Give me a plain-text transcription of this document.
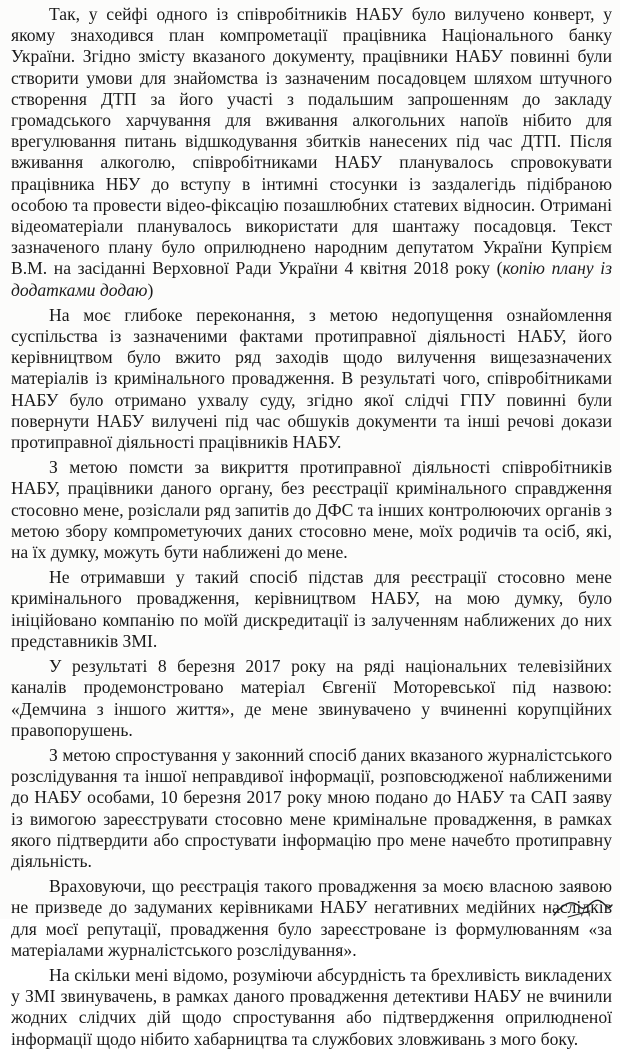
Так, у сейфі одного із співробітників НАБУ було вилучено конверт, у якому знаходився план компрометації працівника Національного банку України. Згідно змісту вказаного документу, працівники НАБУ повинні були створити умови для знайомства із зазначеним посадовцем шляхом штучного створення ДТП за його участі з подальшим запрошенням до закладу громадського харчування для вживання алкогольних напоїв нібито для врегулювання питань відшкодування збитків нанесених під час ДТП. Після вживання алкоголю, співробітниками НАБУ планувалось спровокувати працівника НБУ до вступу в інтимні стосунки із заздалегідь підібраною особою та провести відео-фіксацію позашлюбних статевих відносин. Отримані відеоматеріали планувалось використати для шантажу посадовця. Текст зазначеного плану було оприлюднено народним депутатом України Купрієм В.М. на засіданні Верховної Ради України 4 квітня 2018 року (копію плану із додатками додаю)

На моє глибоке переконання, з метою недопущення ознайомлення суспільства із зазначеними фактами протиправної діяльності НАБУ, його керівництвом було вжито ряд заходів щодо вилучення вищезазначених матеріалів із кримінального провадження. В результаті чого, співробітниками НАБУ було отримано ухвалу суду, згідно якої слідчі ГПУ повинні були повернути НАБУ вилучені під час обшуків документи та інші речові докази протиправної діяльності працівників НАБУ.

З метою помсти за викриття протиправної діяльності співробітників НАБУ, працівники даного органу, без реєстрації кримінального справдження стосовно мене, розіслали ряд запитів до ДФС та інших контролюючих органів з метою збору компрометуючих даних стосовно мене, моїх родичів та осіб, які, на їх думку, можуть бути наближені до мене.

Не отримавши у такий спосіб підстав для реєстрації стосовно мене кримінального провадження, керівництвом НАБУ, на мою думку, було ініційовано компанію по моїй дискредитації із залученням наближених до них представників ЗМІ.

У результаті 8 березня 2017 року на ряді національних телевізійних каналів продемонстровано матеріал Євгенії Моторевської під назвою: «Демчина з іншого життя», де мене звинувачено у вчиненні корупційних правопорушень.

З метою спростування у законний спосіб даних вказаного журналістського розслідування та іншої неправдивої інформації, розповсюдженої наближеними до НАБУ особами, 10 березня 2017 року мною подано до НАБУ та САП заяву із вимогою зареєструвати стосовно мене кримінальне провадження, в рамках якого підтвердити або спростувати інформацію про мене начебто протиправну діяльність.

Враховуючи, що реєстрація такого провадження за моєю власною заявою не призведе до задуманих керівниками НАБУ негативних медійних наслідків для моєї репутації, провадження було зареєстроване із формулюванням «за матеріалами журналістського розслідування».

На скільки мені відомо, розуміючи абсурдність та брехливість викладених у ЗМІ звинувачень, в рамках даного провадження детективи НАБУ не вчинили жодних слідчих дій щодо спростування або підтвердження оприлюдненої інформації щодо нібито хабарництва та службових зловживань з мого боку.
